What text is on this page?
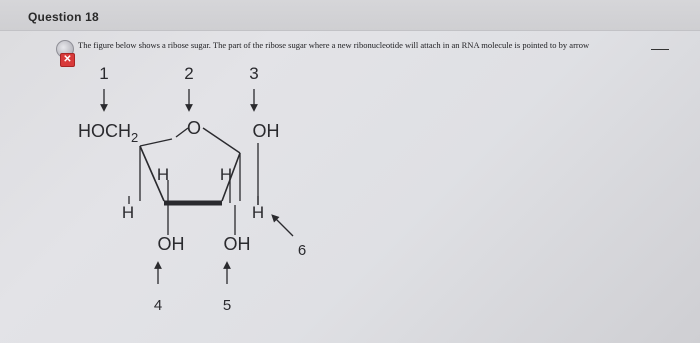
Question 18
✕
The figure below shows a ribose sugar. The part of the ribose sugar where a new ribonucleotide will attach in an RNA molecule is pointed to by arrow
1	2	3
$HOCH_2$	O	OH
H	H
H	H
OH OH
4	5
6
